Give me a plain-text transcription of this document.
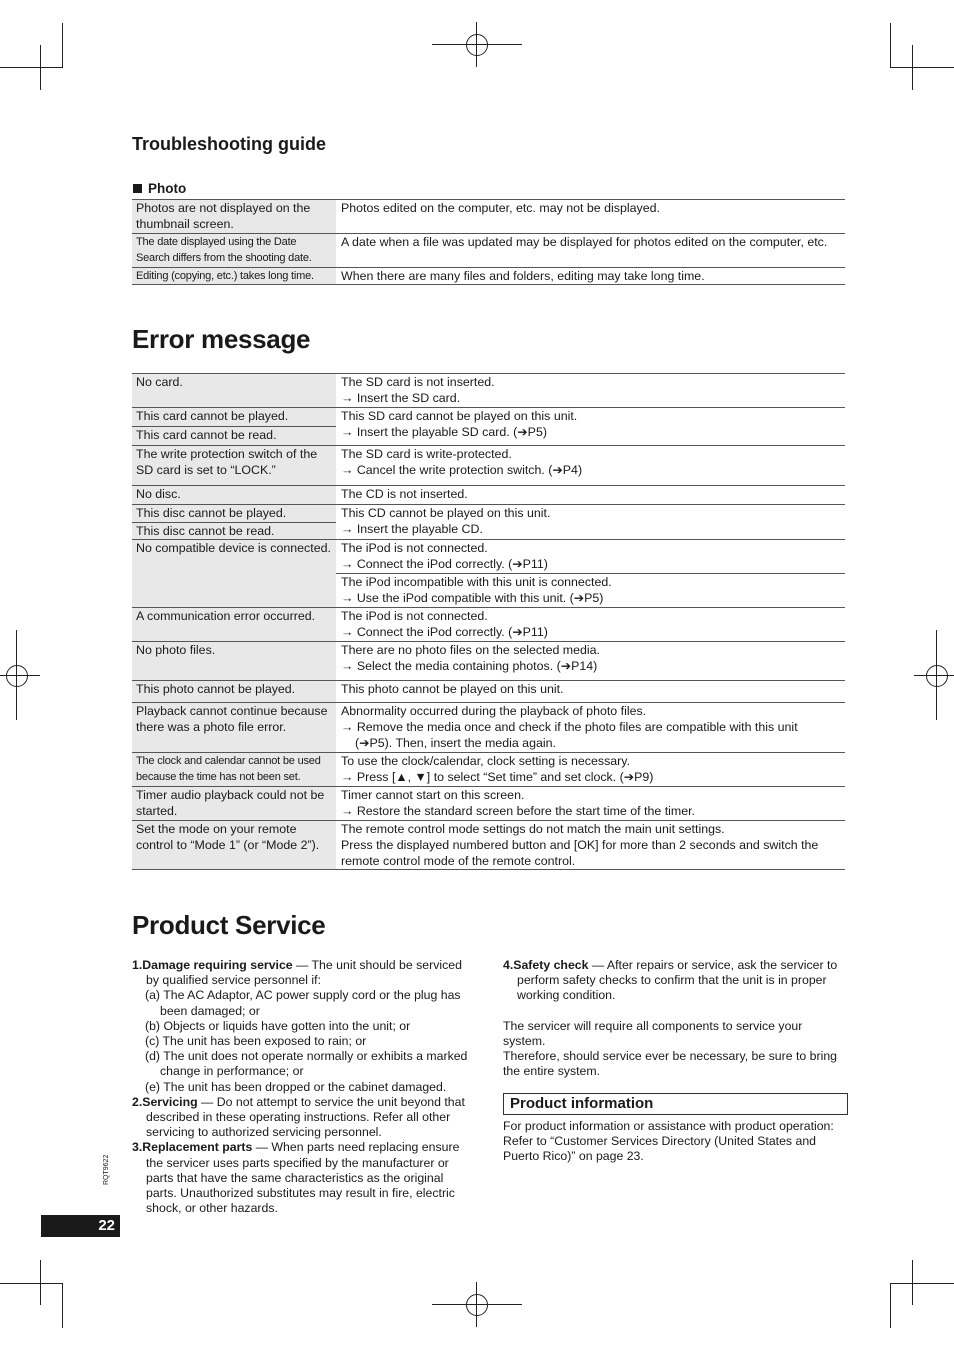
Troubleshooting guide
Photo
Photos are not displayed on the thumbnail screen.	Photos edited on the computer, etc. may not be displayed.
The date displayed using the Date Search differs from the shooting date.	A date when a file was updated may be displayed for photos edited on the computer, etc.
Editing (copying, etc.) takes long time.	When there are many files and folders, editing may take long time.
Error message
No card.	The SD card is not inserted.
→ Insert the SD card.
This card cannot be played.	This SD card cannot be played on this unit.
→ Insert the playable SD card. (➔P5)
This card cannot be read.	
The write protection switch of the SD card is set to “LOCK.”	The SD card is write-protected.
→ Cancel the write protection switch. (➔P4)
No disc.	The CD is not inserted.
This disc cannot be played.	This CD cannot be played on this unit.
→ Insert the playable CD.
This disc cannot be read.	
No compatible device is connected.	The iPod is not connected.
→ Connect the iPod correctly. (➔P11)
	The iPod incompatible with this unit is connected.
→ Use the iPod compatible with this unit. (➔P5)
A communication error occurred.	The iPod is not connected.
→ Connect the iPod correctly. (➔P11)
No photo files.	There are no photo files on the selected media.
→ Select the media containing photos. (➔P14)
This photo cannot be played.	This photo cannot be played on this unit.
Playback cannot continue because there was a photo file error.	Abnormality occurred during the playback of photo files.
→ Remove the media once and check if the photo files are compatible with this unit

(➔P5). Then, insert the media again.

The clock and calendar cannot be used because the time has not been set.	To use the clock/calendar, clock setting is necessary.
→ Press [▲, ▼] to select “Set time” and set clock. (➔P9)
Timer audio playback could not be started.	Timer cannot start on this screen.
→ Restore the standard screen before the start time of the timer.
Set the mode on your remote control to “Mode 1” (or “Mode 2”).	The remote control mode settings do not match the main unit settings.
Press the displayed numbered button and [OK] for more than 2 seconds and switch the remote control mode of the remote control.
Product Service

1.Damage requiring service — The unit should be serviced by qualified service personnel if:

(a) The AC Adaptor, AC power supply cord or the plug has been damaged; or

(b) Objects or liquids have gotten into the unit; or

(c) The unit has been exposed to rain; or

(d) The unit does not operate normally or exhibits a marked change in performance; or

(e) The unit has been dropped or the cabinet damaged.

2.Servicing — Do not attempt to service the unit beyond that described in these operating instructions. Refer all other servicing to authorized servicing personnel.

3.Replacement parts — When parts need replacing ensure the servicer uses parts specified by the manufacturer or parts that have the same characteristics as the original parts. Unauthorized substitutes may result in fire, electric shock, or other hazards.

4.Safety check — After repairs or service, ask the servicer to perform safety checks to confirm that the unit is in proper working condition.

The servicer will require all components to service your system.

Therefore, should service ever be necessary, be sure to bring the entire system.

Product information

For product information or assistance with product operation:

Refer to “Customer Services Directory (United States and Puerto Rico)” on page 23.

RQT9622
22
